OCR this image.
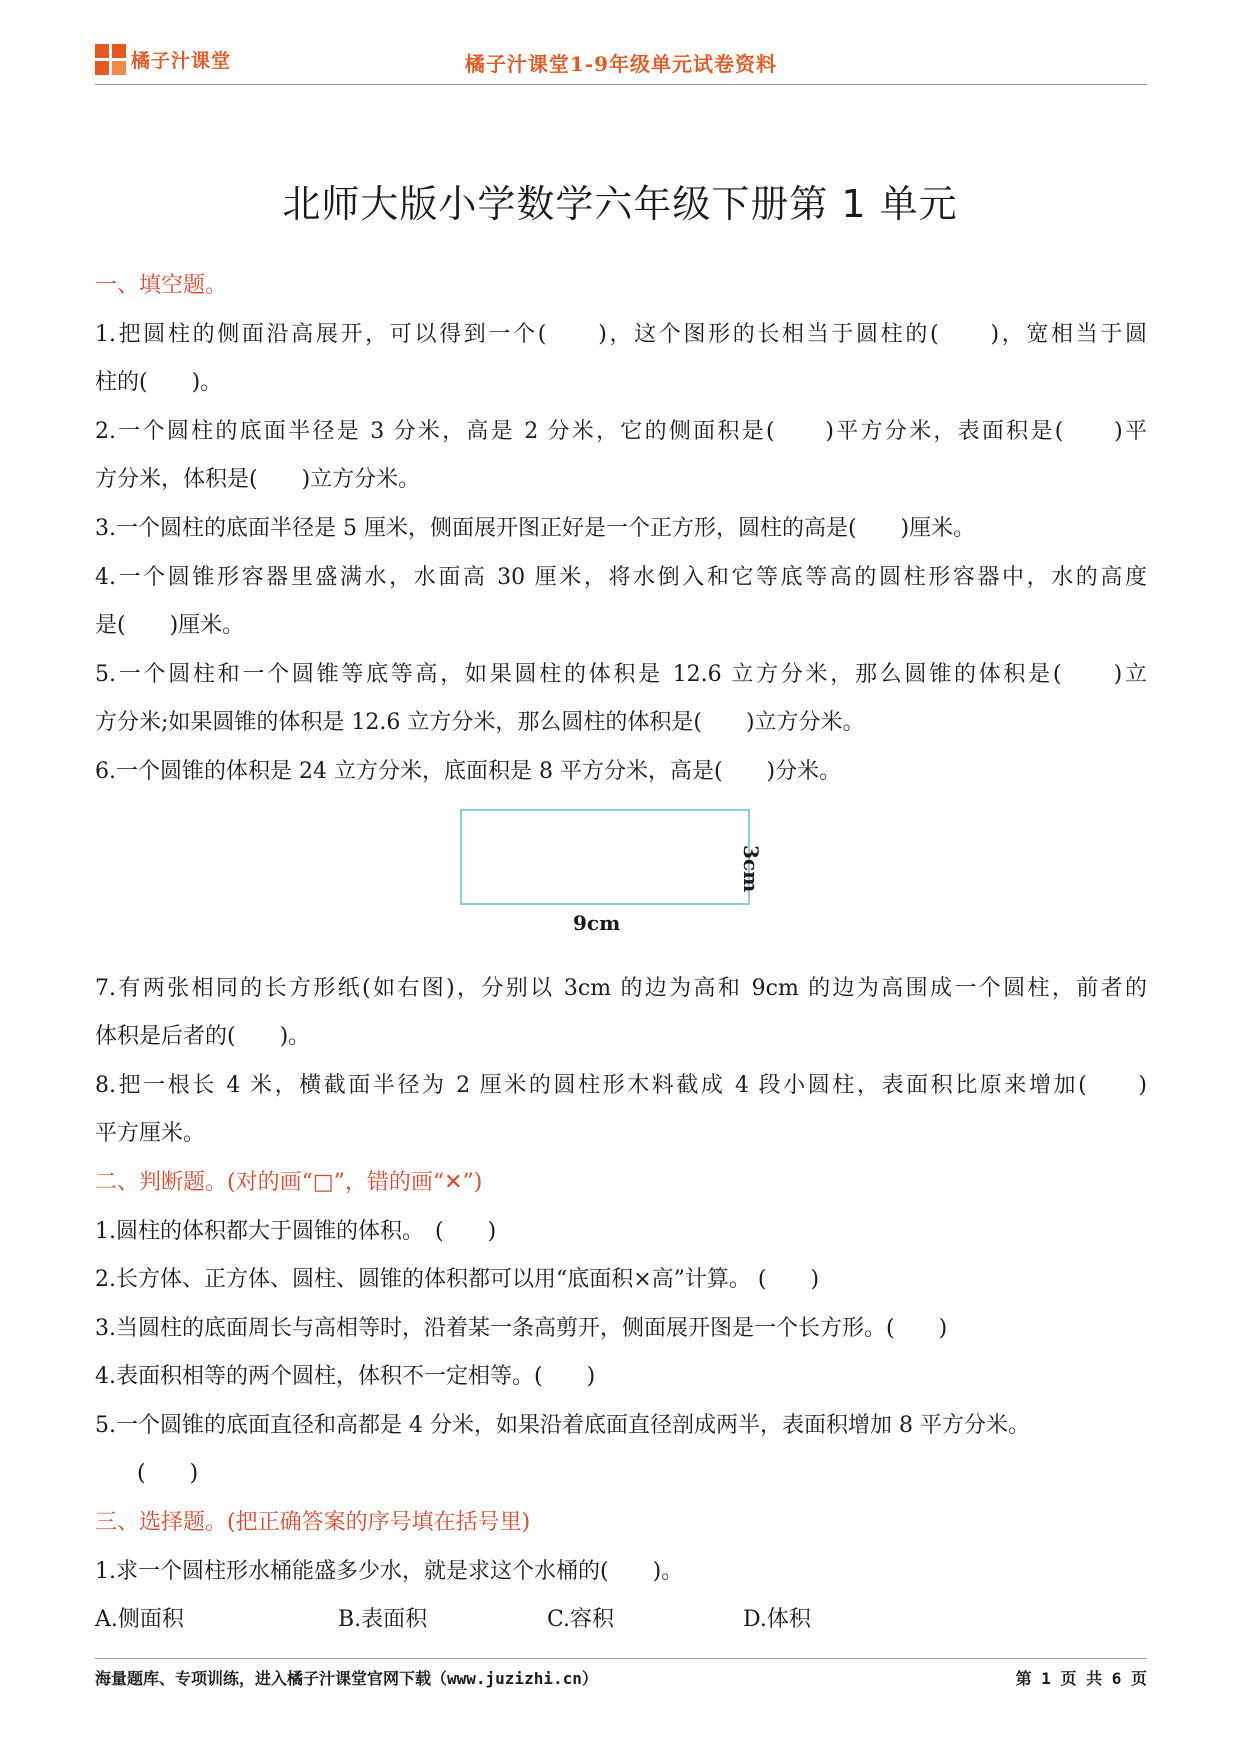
橘子汁课堂	橘子汁课堂1-9年级单元试卷资料
北师大版小学数学六年级下册第 1 单元
一、填空题。
1.把圆柱的侧面沿高展开，可以得到一个(　　)，这个图形的长相当于圆柱的(　　)，宽相当于圆
柱的(　　)。
2.一个圆柱的底面半径是 3 分米，高是 2 分米，它的侧面积是(　　)平方分米，表面积是(　　)平
方分米，体积是(　　)立方分米。
3.一个圆柱的底面半径是 5 厘米，侧面展开图正好是一个正方形，圆柱的高是(　　)厘米。
4.一个圆锥形容器里盛满水，水面高 30 厘米，将水倒入和它等底等高的圆柱形容器中，水的高度
是(　　)厘米。
5.一个圆柱和一个圆锥等底等高，如果圆柱的体积是 12.6 立方分米，那么圆锥的体积是(　　)立
方分米;如果圆锥的体积是 12.6 立方分米，那么圆柱的体积是(　　)立方分米。
6.一个圆锥的体积是 24 立方分米，底面积是 8 平方分米，高是(　　)分米。
9cm
3cm
7.有两张相同的长方形纸(如右图)，分别以 3cm 的边为高和 9cm 的边为高围成一个圆柱，前者的
体积是后者的(　　)。
8.把一根长 4 米，横截面半径为 2 厘米的圆柱形木料截成 4 段小圆柱，表面积比原来增加(　　)
平方厘米。
二、判断题。(对的画“□”，错的画“✕”)
1.圆柱的体积都大于圆锥的体积。　(　　)
2.长方体、正方体、圆柱、圆锥的体积都可以用“底面积×高”计算。 (　　)
3.当圆柱的底面周长与高相等时，沿着某一条高剪开，侧面展开图是一个长方形。(　　)
4.表面积相等的两个圆柱，体积不一定相等。(　　)
5.一个圆锥的底面直径和高都是 4 分米，如果沿着底面直径剖成两半，表面积增加 8 平方分米。
(　　)
三、选择题。(把正确答案的序号填在括号里)
1.求一个圆柱形水桶能盛多少水，就是求这个水桶的(　　)。
A.侧面积	B.表面积	C.容积	D.体积
海量题库、专项训练，进入橘子汁课堂官网下载（www.juzizhi.cn）	第 1 页 共 6 页
